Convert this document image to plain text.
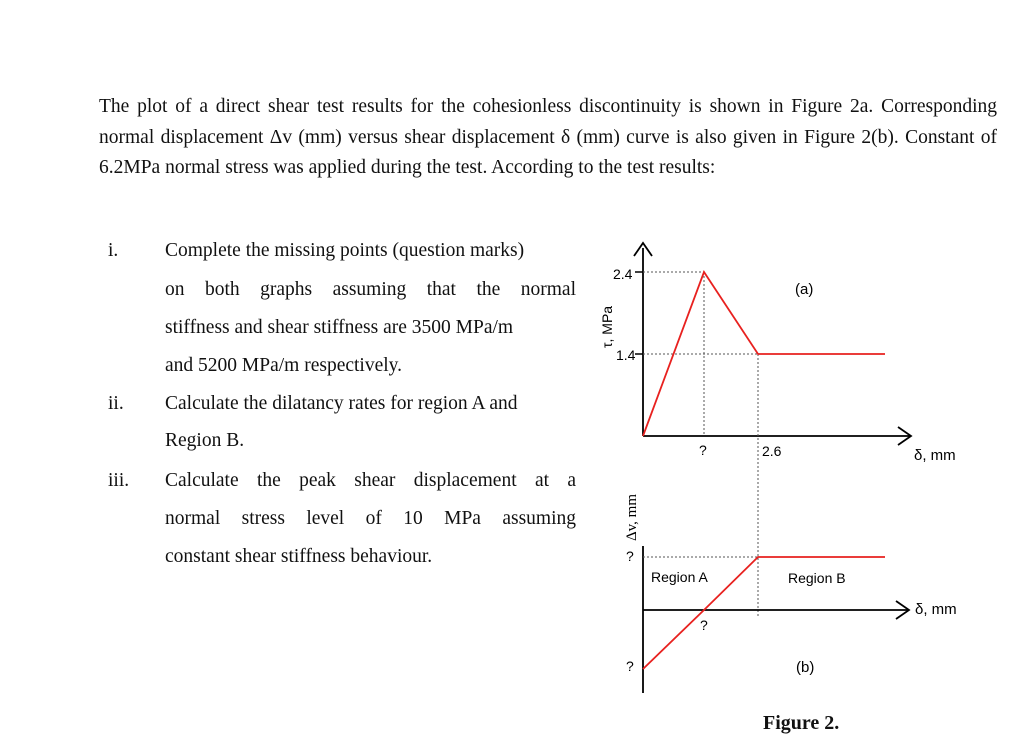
The plot of a direct shear test results for the cohesionless discontinuity is shown in Figure 2a. Corresponding normal displacement Δv (mm) versus shear displacement δ (mm) curve is also given in Figure 2(b). Constant of 6.2MPa normal stress was applied during the test. According to the test results:

i. Complete the missing points (question marks)
on both graphs assuming that the normal
stiffness and shear stiffness are 3500 MPa/m
and 5200 MPa/m respectively.
ii. Calculate the dilatancy rates for region A and
Region B.
iii. Calculate the peak shear displacement at a
normal stress level of 10 MPa assuming
constant shear stiffness behaviour.
2.4
1.4
?	2.6
(a)
δ, mm
τ, MPa
?
?
?
Region A	Region B
δ, mm
(b)
Δv, mm
Figure 2.
